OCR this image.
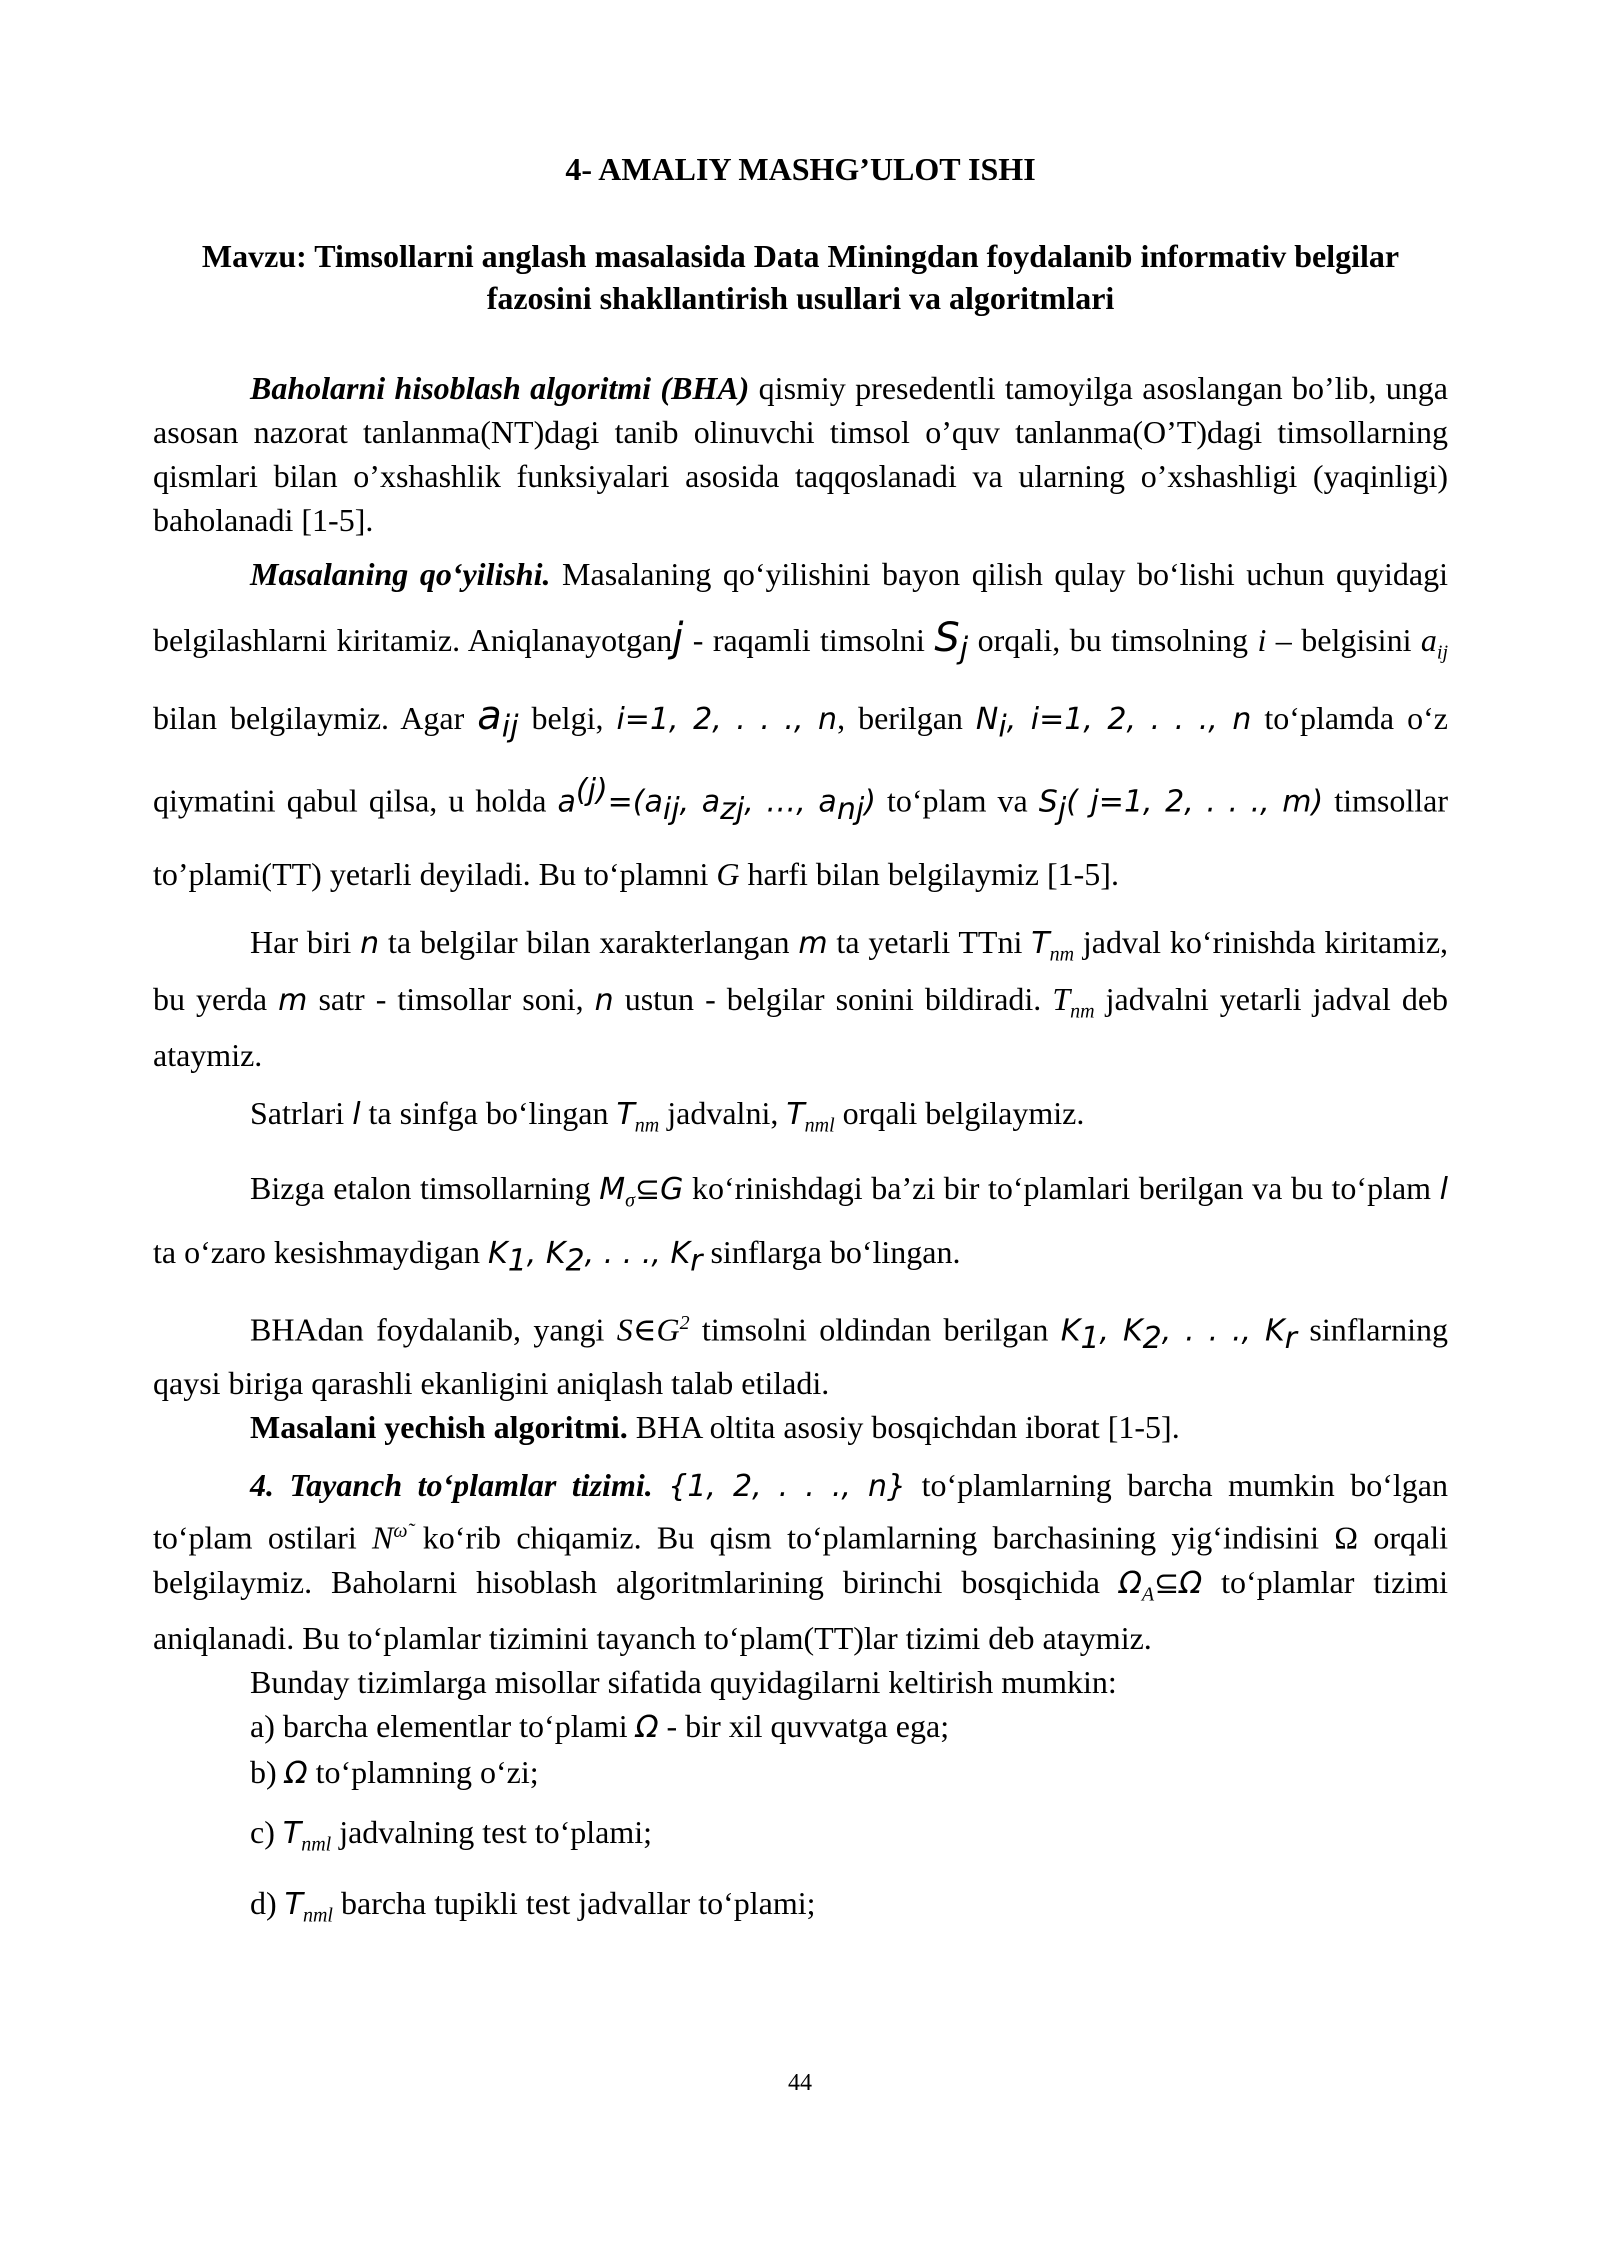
4- AMALIY MASHG’ULOT ISHI
Mavzu: Timsollarni anglash masalasida Data Miningdan foydalanib informativ belgilar fazosini shakllantirish usullari va algoritmlari

Baholarni hisoblash algoritmi (BHA) qismiy presedentli tamoyilga asoslangan bo’lib, unga asosan nazorat tanlanma(NT)dagi tanib olinuvchi timsol o’quv tanlanma(O’T)dagi timsollarning qismlari bilan o’xshashlik funksiyalari asosida taqqoslanadi va ularning o’xshashligi (yaqinligi) baholanadi [1-5].

Masalaning qo‘yilishi. Masalaning qo‘yilishini bayon qilish qulay bo‘lishi uchun quyidagi belgilashlarni kiritamiz. Aniqlanayotganj - raqamli timsolni $S_j$ orqali, bu timsolning i – belgisini $a_{ij}$ bilan belgilaymiz. Agar $a_{ij}$ belgi, i=1, 2, . . ., n, berilgan $N_i$, i=1, 2, . . ., n to‘plamda o‘z qiymatini qabul qilsa, u holda $a^{(j)}=(a_{ij}$, $a_{zj}$, …, $a_{nj}$) to‘plam va $S_j$( j=1, 2, . . ., m) timsollar to’plami(TT) yetarli deyiladi. Bu to‘plamni G harfi bilan belgilaymiz [1-5].

Har biri n ta belgilar bilan xarakterlangan m ta yetarli TTni $T_{nm}$ jadval ko‘rinishda kiritamiz, bu yerda m satr - timsollar soni, n ustun - belgilar sonini bildiradi. $T_{nm}$ jadvalni yetarli jadval deb ataymiz.

Satrlari l ta sinfga bo‘lingan $T_{nm}$ jadvalni, $T_{nml}$ orqali belgilaymiz.

Bizga etalon timsollarning $M_\sigma⊆G$ ko‘rinishdagi ba’zi bir to‘plamlari berilgan va bu to‘plam l ta o‘zaro kesishmaydigan $K_1$, $K_2$, . . ., $K_r$ sinflarga bo‘lingan.

BHAdan foydalanib, yangi $S\in G^2$ timsolni oldindan berilgan $K_1$, $K_2$, . . ., $K_r$ sinflarning qaysi biriga qarashli ekanligini aniqlash talab etiladi.

Masalani yechish algoritmi. BHA oltita asosiy bosqichdan iborat [1-5].

4. Tayanch to‘plamlar tizimi. {1, 2, . . ., n} to‘plamlarning barcha mumkin bo‘lgan to‘plam ostilari $N^{\omegã}$ ko‘rib chiqamiz. Bu qism to‘plamlarning barchasining yig‘indisini Ω orqali belgilaymiz. Baholarni hisoblash algoritmlarining birinchi bosqichida $\Omega_A⊆\Omega$ to‘plamlar tizimi aniqlanadi. Bu to‘plamlar tizimini tayanch to‘plam(TT)lar tizimi deb ataymiz.

Bunday tizimlarga misollar sifatida quyidagilarni keltirish mumkin:

a) barcha elementlar to‘plami Ω - bir xil quvvatga ega;

b) Ω to‘plamning o‘zi;

c) $T_{nml}$ jadvalning test to‘plami;

d) $T_{nml}$ barcha tupikli test jadvallar to‘plami;

44
